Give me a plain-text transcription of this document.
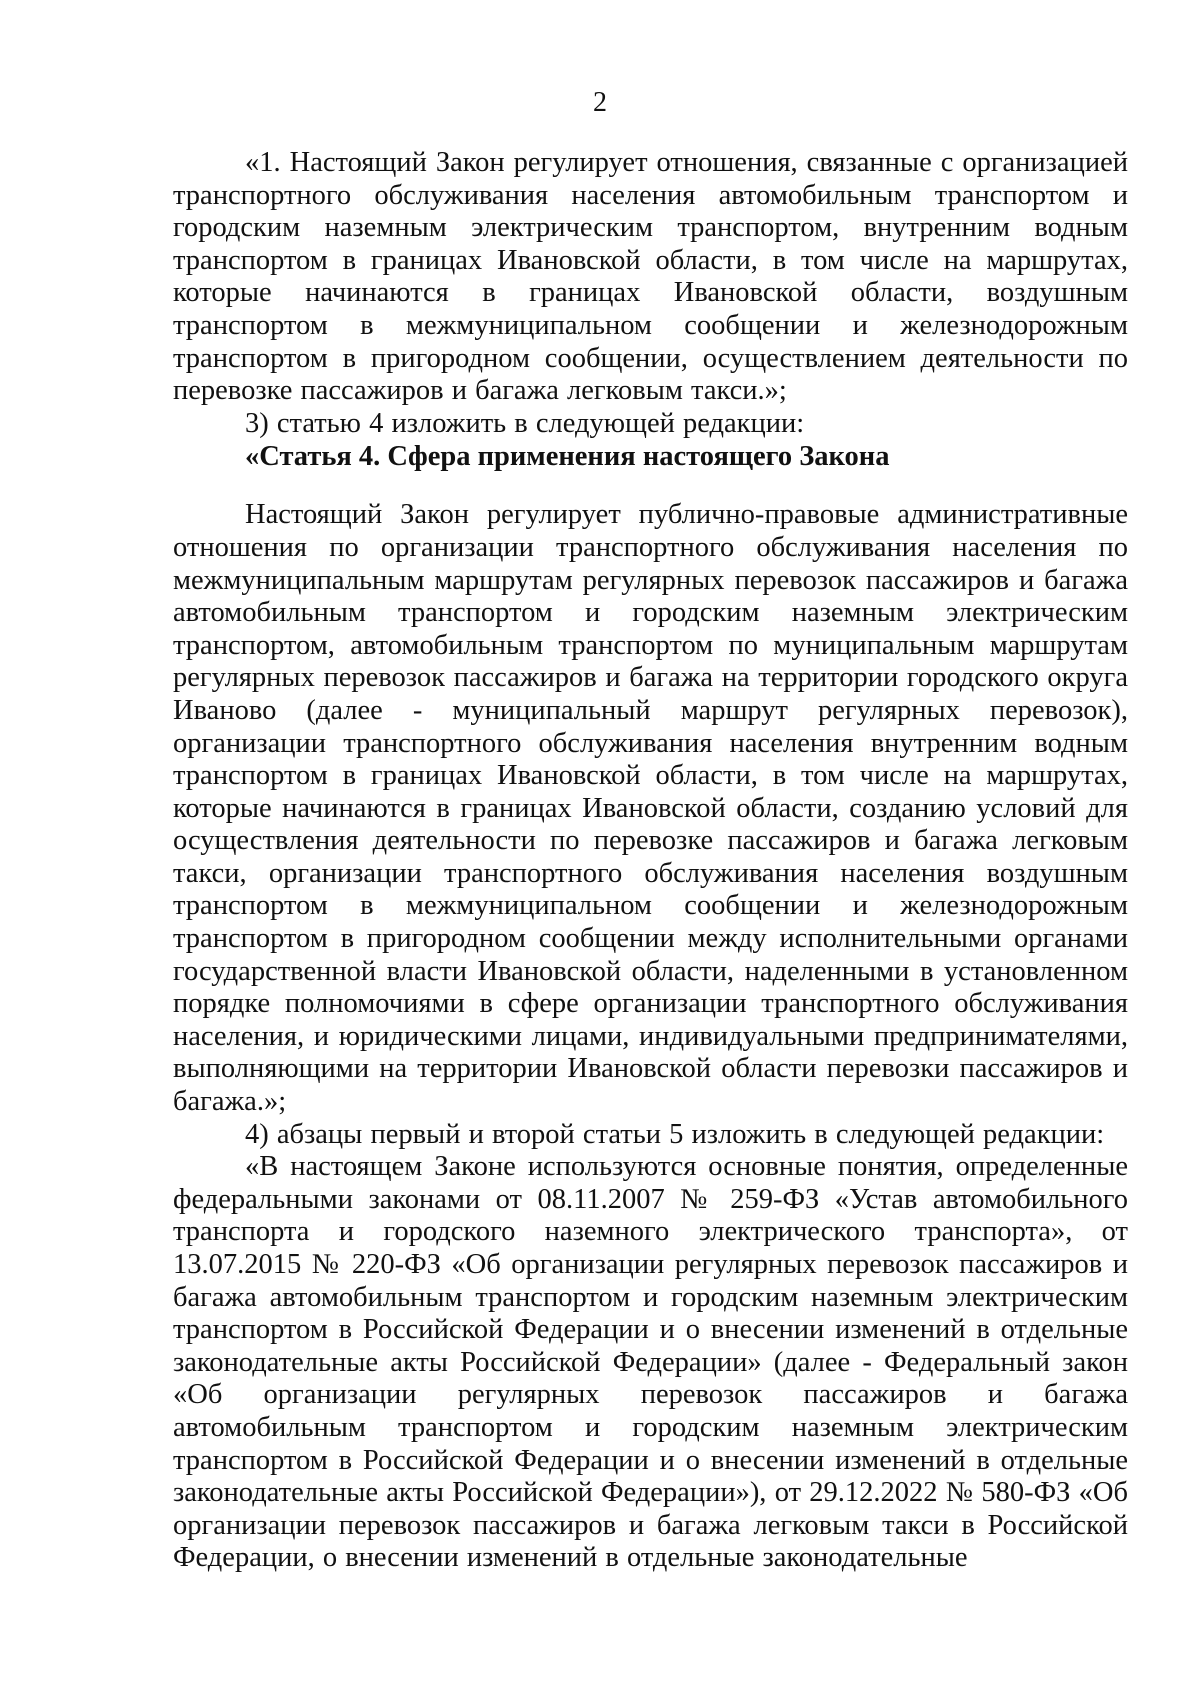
2

«1. Настоящий Закон регулирует отношения, связанные с организацией транспортного обслуживания населения автомобильным транспортом и городским наземным электрическим транспортом, внутренним водным транспортом в границах Ивановской области, в том числе на маршрутах, которые начинаются в границах Ивановской области, воздушным транспортом в межмуниципальном сообщении и железнодорожным транспортом в пригородном сообщении, осуществлением деятельности по перевозке пассажиров и багажа легковым такси.»;

3) статью 4 изложить в следующей редакции:

«Статья 4. Сфера применения настоящего Закона

Настоящий Закон регулирует публично-правовые административные отношения по организации транспортного обслуживания населения по межмуниципальным маршрутам регулярных перевозок пассажиров и багажа автомобильным транспортом и городским наземным электрическим транспортом, автомобильным транспортом по муниципальным маршрутам регулярных перевозок пассажиров и багажа на территории городского округа Иваново (далее - муниципальный маршрут регулярных перевозок), организации транспортного обслуживания населения внутренним водным транспортом в границах Ивановской области, в том числе на маршрутах, которые начинаются в границах Ивановской области, созданию условий для осуществления деятельности по перевозке пассажиров и багажа легковым такси, организации транспортного обслуживания населения воздушным транспортом в межмуниципальном сообщении и железнодорожным транспортом в пригородном сообщении между исполнительными органами государственной власти Ивановской области, наделенными в установленном порядке полномочиями в сфере организации транспортного обслуживания населения, и юридическими лицами, индивидуальными предпринимателями, выполняющими на территории Ивановской области перевозки пассажиров и багажа.»;

4) абзацы первый и второй статьи 5 изложить в следующей редакции:

«В настоящем Законе используются основные понятия, определенные федеральными законами от 08.11.2007 № 259-ФЗ «Устав автомобильного транспорта и городского наземного электрического транспорта», от 13.07.2015 № 220-ФЗ «Об организации регулярных перевозок пассажиров и багажа автомобильным транспортом и городским наземным электрическим транспортом в Российской Федерации и о внесении изменений в отдельные законодательные акты Российской Федерации» (далее - Федеральный закон «Об организации регулярных перевозок пассажиров и багажа автомобильным транспортом и городским наземным электрическим транспортом в Российской Федерации и о внесении изменений в отдельные законодательные акты Российской Федерации»), от 29.12.2022 № 580-ФЗ «Об организации перевозок пассажиров и багажа легковым такси в Российской Федерации, о внесении изменений в отдельные законодательные
